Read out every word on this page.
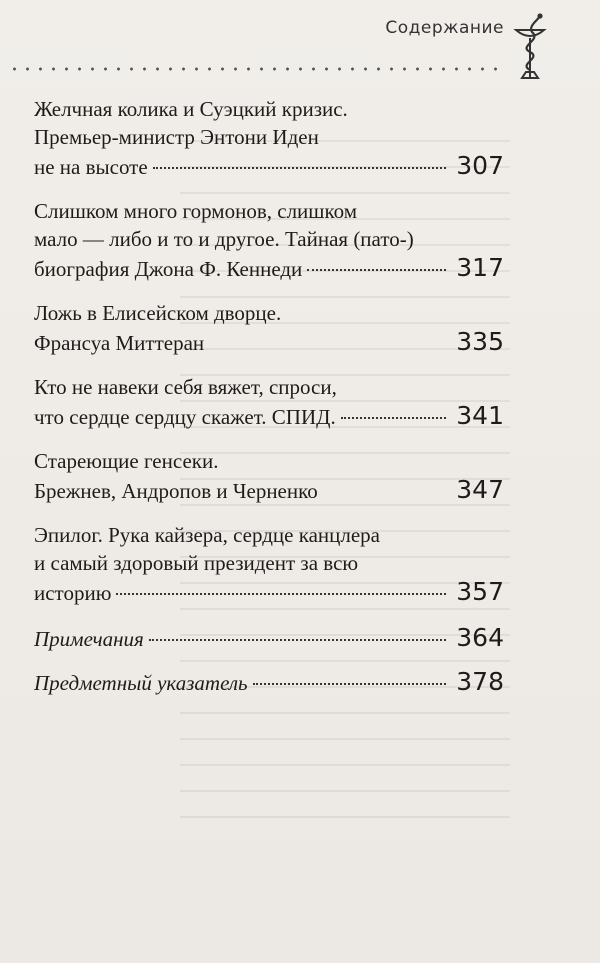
Содержание
Желчная колика и Суэцкий кризис.
Премьер-министр Энтони Иден
не на высоте	307
Слишком много гормонов, слишком
мало — либо и то и другое. Тайная (пато-)
биография Джона Ф. Кеннеди	317
Ложь в Елисейском дворце.
Франсуа Миттеран	335
Кто не навеки себя вяжет, спроси,
что сердце сердцу скажет. СПИД.	341
Стареющие генсеки.
Брежнев, Андропов и Черненко	347
Эпилог. Рука кайзера, сердце канцлера
и самый здоровый президент за всю
историю	357
Примечания	364
Предметный указатель	378
